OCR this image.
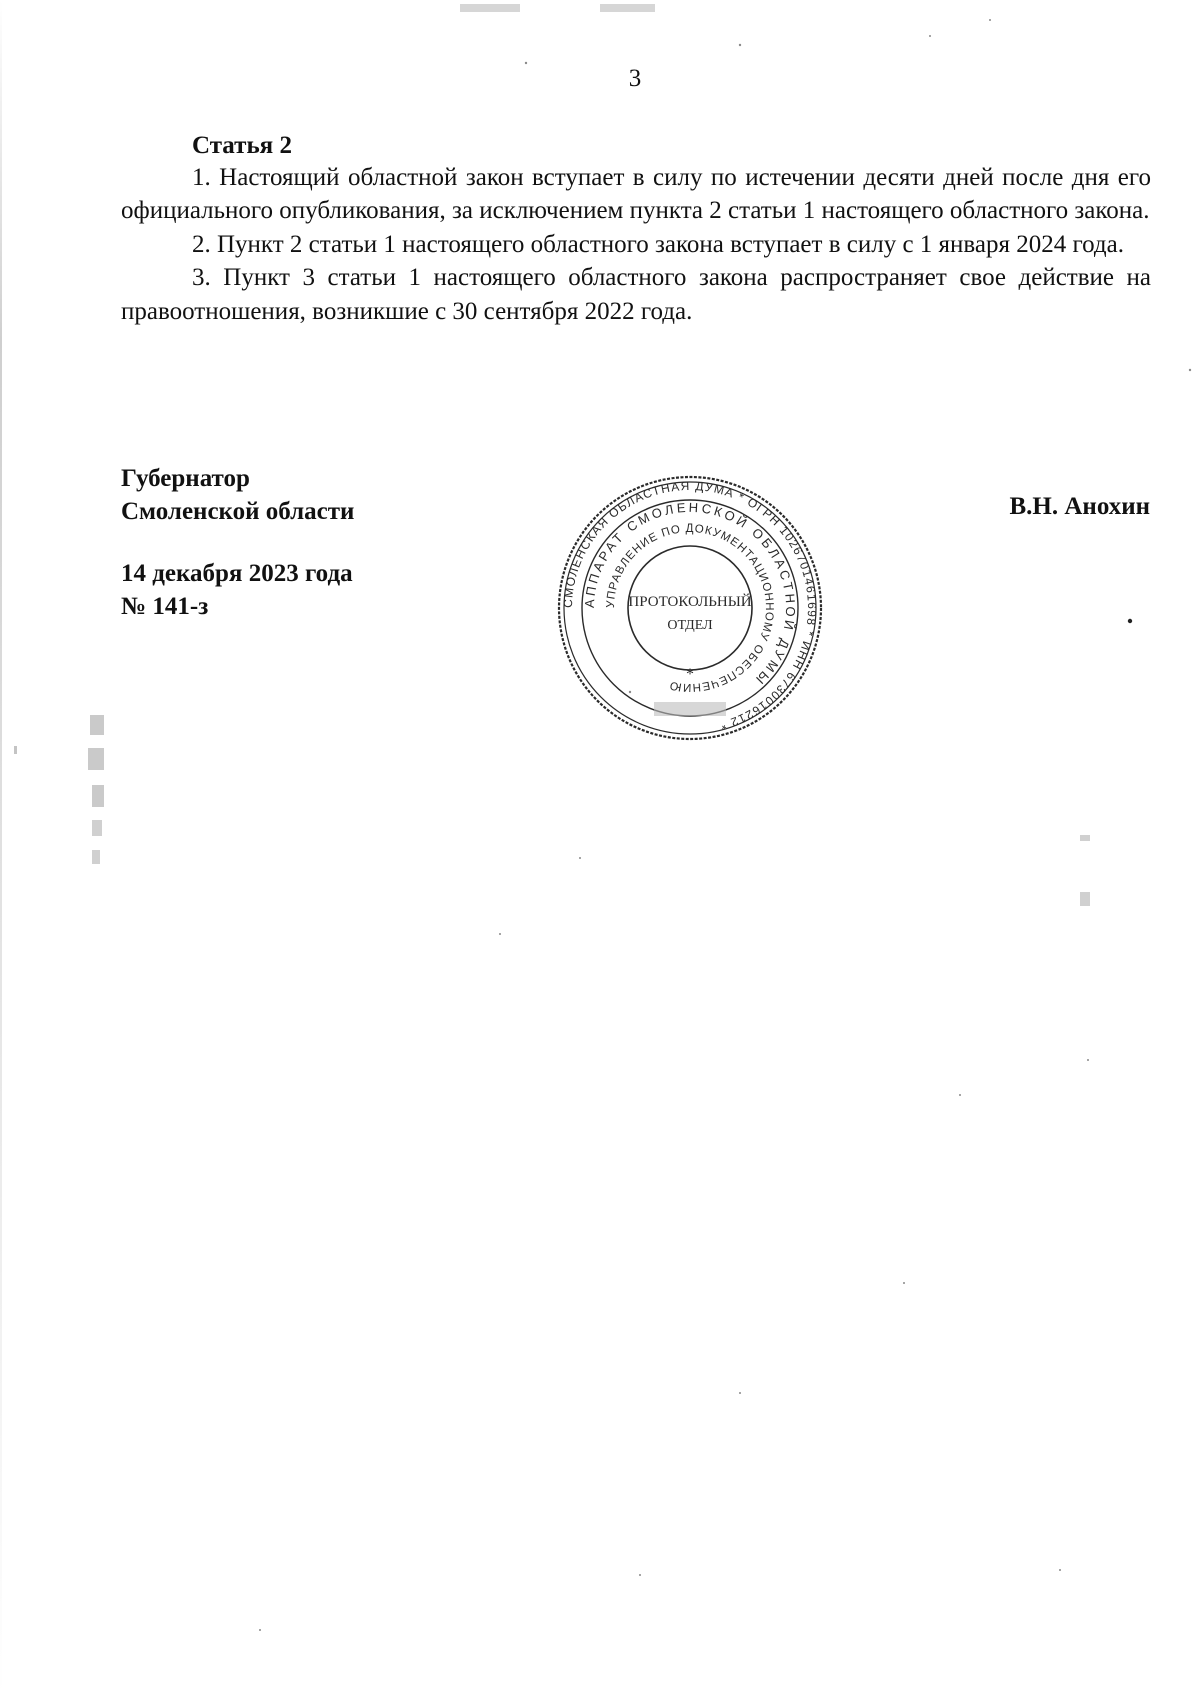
3
Статья 2

1. Настоящий областной закон вступает в силу по истечении десяти дней после дня его официального опубликования, за исключением пункта 2 статьи 1 настоящего областного закона.

2. Пункт 2 статьи 1 настоящего областного закона вступает в силу с 1 января 2024 года.

3. Пункт 3 статьи 1 настоящего областного закона распространяет свое действие на правоотношения, возникшие с 30 сентября 2022 года.

Губернатор
Смоленской области	В.Н. Анохин
14 декабря 2023 года
№ 141-з	СМОЛЕНСКАЯ ОБЛАСТНАЯ ДУМА * ОГРН 1026701461698 * ИНН 6730016212 *
АППАРАТ СМОЛЕНСКОЙ ОБЛАСТНОЙ ДУМЫ
УПРАВЛЕНИЕ ПО ДОКУМЕНТАЦИОННОМУ ОБЕСПЕЧЕНИЮ
ПРОТОКОЛЬНЫЙ
ОТДЕЛ
*
